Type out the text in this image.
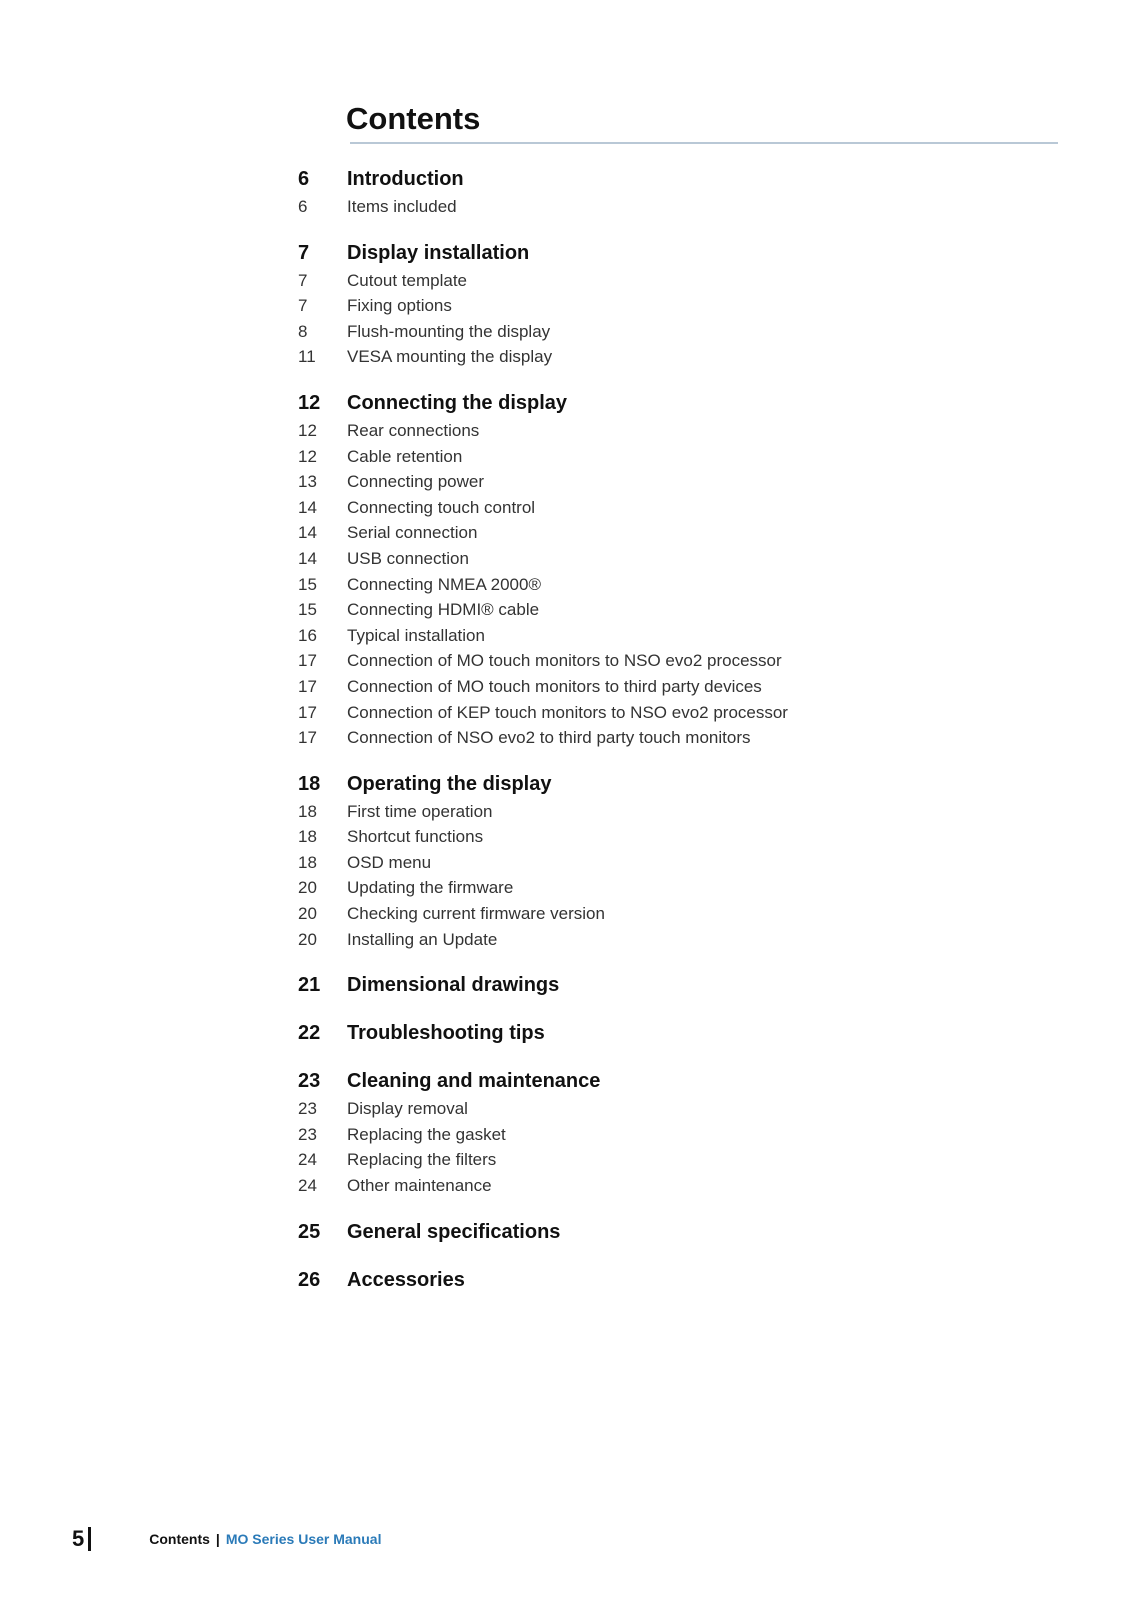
Contents
6	Introduction
6	Items included
7	Display installation
7	Cutout template
7	Fixing options
8	Flush-mounting the display
11	VESA mounting the display
12	Connecting the display
12	Rear connections
12	Cable retention
13	Connecting power
14	Connecting touch control
14	Serial connection
14	USB connection
15	Connecting NMEA 2000®
15	Connecting HDMI® cable
16	Typical installation
17	Connection of MO touch monitors to NSO evo2 processor
17	Connection of MO touch monitors to third party devices
17	Connection of KEP touch monitors to NSO evo2 processor
17	Connection of NSO evo2 to third party touch monitors
18	Operating the display
18	First time operation
18	Shortcut functions
18	OSD menu
20	Updating the firmware
20	Checking current firmware version
20	Installing an Update
21	Dimensional drawings
22	Troubleshooting tips
23	Cleaning and maintenance
23	Display removal
23	Replacing the gasket
24	Replacing the filters
24	Other maintenance
25	General specifications
26	Accessories
5	Contents | MO Series User Manual
